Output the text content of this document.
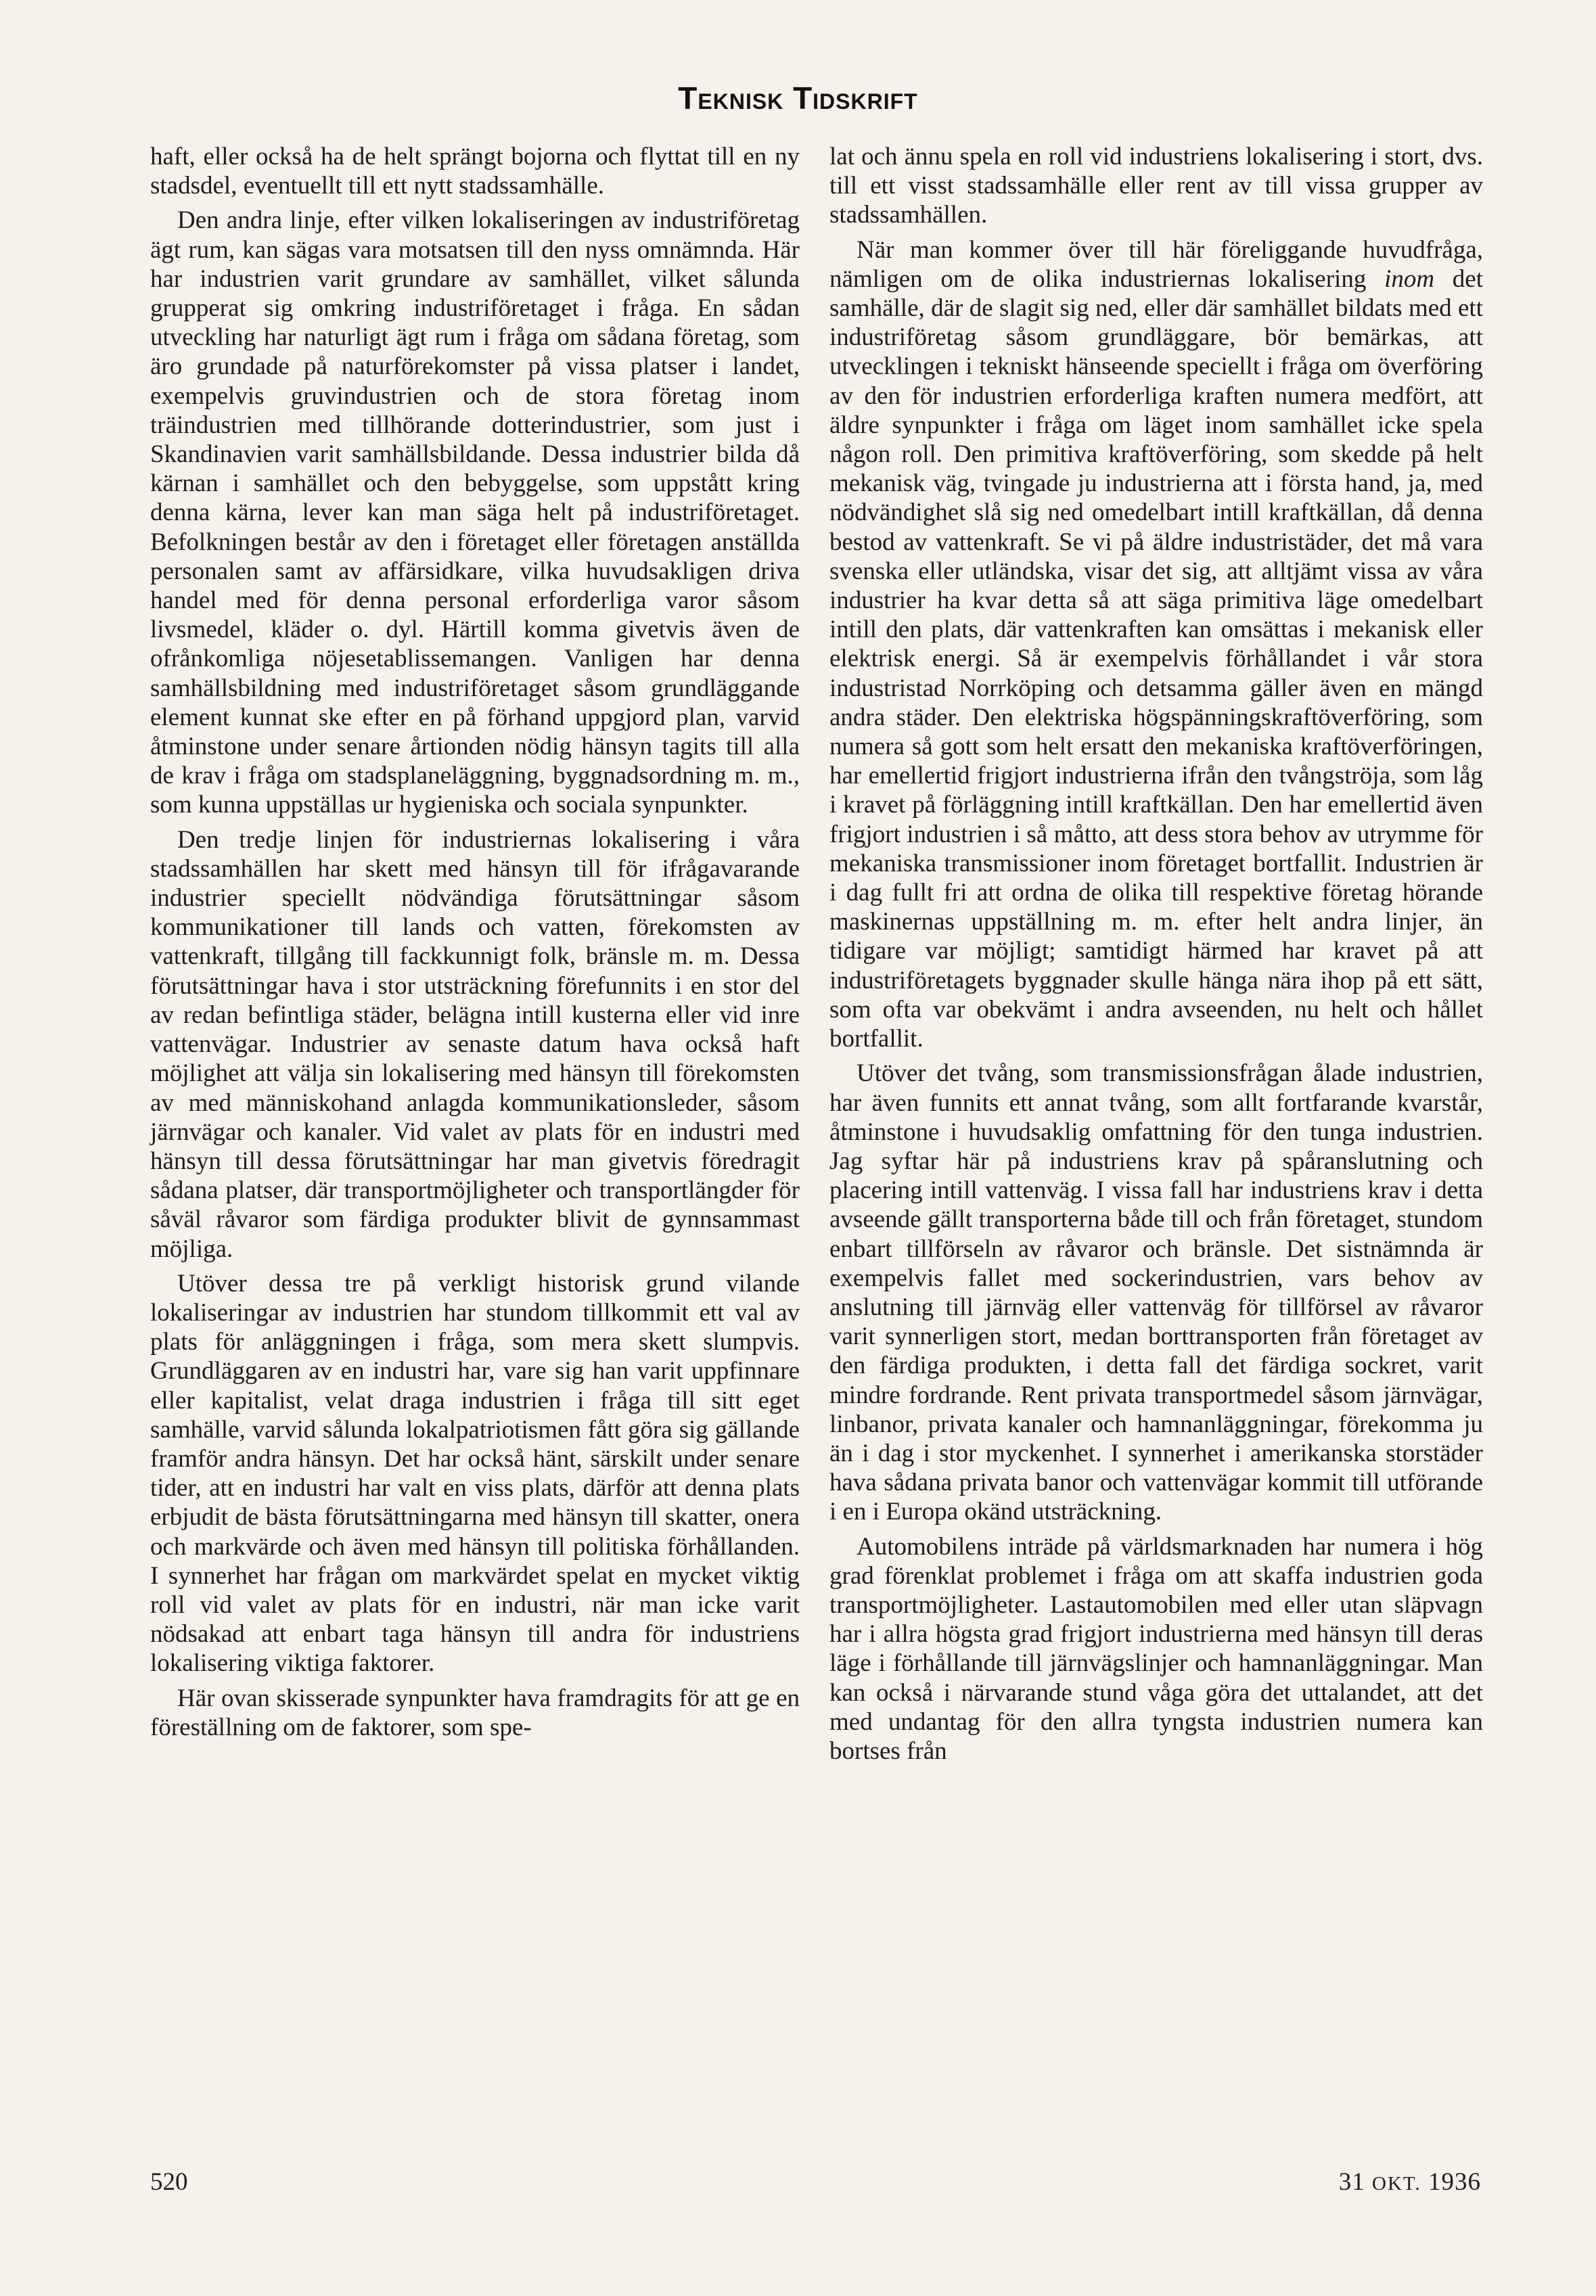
Teknisk Tidskrift

haft, eller också ha de helt sprängt bojorna och flyttat till en ny stadsdel, eventuellt till ett nytt stadssamhälle.

Den andra linje, efter vilken lokaliseringen av industriföretag ägt rum, kan sägas vara motsatsen till den nyss omnämnda. Här har industrien varit grundare av samhället, vilket sålunda grupperat sig omkring industriföretaget i fråga. En sådan utveckling har naturligt ägt rum i fråga om sådana företag, som äro grundade på naturförekomster på vissa platser i landet, exempelvis gruvindustrien och de stora företag inom träindustrien med tillhörande dotterindustrier, som just i Skandinavien varit samhällsbildande. Dessa industrier bilda då kärnan i samhället och den bebyggelse, som uppstått kring denna kärna, lever kan man säga helt på industriföretaget. Befolkningen består av den i företaget eller företagen anställda personalen samt av affärsidkare, vilka huvudsakligen driva handel med för denna personal erforderliga varor såsom livsmedel, kläder o. dyl. Härtill komma givetvis även de ofrånkomliga nöjesetablissemangen. Vanligen har denna samhällsbildning med industriföretaget såsom grundläggande element kunnat ske efter en på förhand uppgjord plan, varvid åtminstone under senare årtionden nödig hänsyn tagits till alla de krav i fråga om stadsplaneläggning, byggnadsordning m. m., som kunna uppställas ur hygieniska och sociala synpunkter.

Den tredje linjen för industriernas lokalisering i våra stadssamhällen har skett med hänsyn till för ifrågavarande industrier speciellt nödvändiga förutsättningar såsom kommunikationer till lands och vatten, förekomsten av vattenkraft, tillgång till fackkunnigt folk, bränsle m. m. Dessa förutsättningar hava i stor utsträckning förefunnits i en stor del av redan befintliga städer, belägna intill kusterna eller vid inre vattenvägar. Industrier av senaste datum hava också haft möjlighet att välja sin lokalisering med hänsyn till förekomsten av med människohand anlagda kommunikationsleder, såsom järnvägar och kanaler. Vid valet av plats för en industri med hänsyn till dessa förutsättningar har man givetvis föredragit sådana platser, där transportmöjligheter och transportlängder för såväl råvaror som färdiga produkter blivit de gynnsammast möjliga.

Utöver dessa tre på verkligt historisk grund vilande lokaliseringar av industrien har stundom tillkommit ett val av plats för anläggningen i fråga, som mera skett slumpvis. Grundläggaren av en industri har, vare sig han varit uppfinnare eller kapitalist, velat draga industrien i fråga till sitt eget samhälle, varvid sålunda lokalpatriotismen fått göra sig gällande framför andra hänsyn. Det har också hänt, särskilt under senare tider, att en industri har valt en viss plats, därför att denna plats erbjudit de bästa förutsättningarna med hänsyn till skatter, onera och markvärde och även med hänsyn till politiska förhållanden. I synnerhet har frågan om markvärdet spelat en mycket viktig roll vid valet av plats för en industri, när man icke varit nödsakad att enbart taga hänsyn till andra för industriens lokalisering viktiga faktorer.

Här ovan skisserade synpunkter hava framdragits för att ge en föreställning om de faktorer, som spe-

lat och ännu spela en roll vid industriens lokalisering i stort, dvs. till ett visst stadssamhälle eller rent av till vissa grupper av stadssamhällen.

När man kommer över till här föreliggande huvudfråga, nämligen om de olika industriernas lokalisering inom det samhälle, där de slagit sig ned, eller där samhället bildats med ett industriföretag såsom grundläggare, bör bemärkas, att utvecklingen i tekniskt hänseende speciellt i fråga om överföring av den för industrien erforderliga kraften numera medfört, att äldre synpunkter i fråga om läget inom samhället icke spela någon roll. Den primitiva kraftöverföring, som skedde på helt mekanisk väg, tvingade ju industrierna att i första hand, ja, med nödvändighet slå sig ned omedelbart intill kraftkällan, då denna bestod av vattenkraft. Se vi på äldre industristäder, det må vara svenska eller utländska, visar det sig, att alltjämt vissa av våra industrier ha kvar detta så att säga primitiva läge omedelbart intill den plats, där vattenkraften kan omsättas i mekanisk eller elektrisk energi. Så är exempelvis förhållandet i vår stora industristad Norrköping och detsamma gäller även en mängd andra städer. Den elektriska högspänningskraftöverföring, som numera så gott som helt ersatt den mekaniska kraftöverföringen, har emellertid frigjort industrierna ifrån den tvångströja, som låg i kravet på förläggning intill kraftkällan. Den har emellertid även frigjort industrien i så måtto, att dess stora behov av utrymme för mekaniska transmissioner inom företaget bortfallit. Industrien är i dag fullt fri att ordna de olika till respektive företag hörande maskinernas uppställning m. m. efter helt andra linjer, än tidigare var möjligt; samtidigt härmed har kravet på att industriföretagets byggnader skulle hänga nära ihop på ett sätt, som ofta var obekvämt i andra avseenden, nu helt och hållet bortfallit.

Utöver det tvång, som transmissionsfrågan ålade industrien, har även funnits ett annat tvång, som allt fortfarande kvarstår, åtminstone i huvudsaklig omfattning för den tunga industrien. Jag syftar här på industriens krav på spåranslutning och placering intill vattenväg. I vissa fall har industriens krav i detta avseende gällt transporterna både till och från företaget, stundom enbart tillförseln av råvaror och bränsle. Det sistnämnda är exempelvis fallet med sockerindustrien, vars behov av anslutning till järnväg eller vattenväg för tillförsel av råvaror varit synnerligen stort, medan borttransporten från företaget av den färdiga produkten, i detta fall det färdiga sockret, varit mindre fordrande. Rent privata transportmedel såsom järnvägar, linbanor, privata kanaler och hamnanläggningar, förekomma ju än i dag i stor myckenhet. I synnerhet i amerikanska storstäder hava sådana privata banor och vattenvägar kommit till utförande i en i Europa okänd utsträckning.

Automobilens inträde på världsmarknaden har numera i hög grad förenklat problemet i fråga om att skaffa industrien goda transportmöjligheter. Lastautomobilen med eller utan släpvagn har i allra högsta grad frigjort industrierna med hänsyn till deras läge i förhållande till järnvägslinjer och hamnanläggningar. Man kan också i närvarande stund våga göra det uttalandet, att det med undantag för den allra tyngsta industrien numera kan bortses från

520	31 OKT. 1936
